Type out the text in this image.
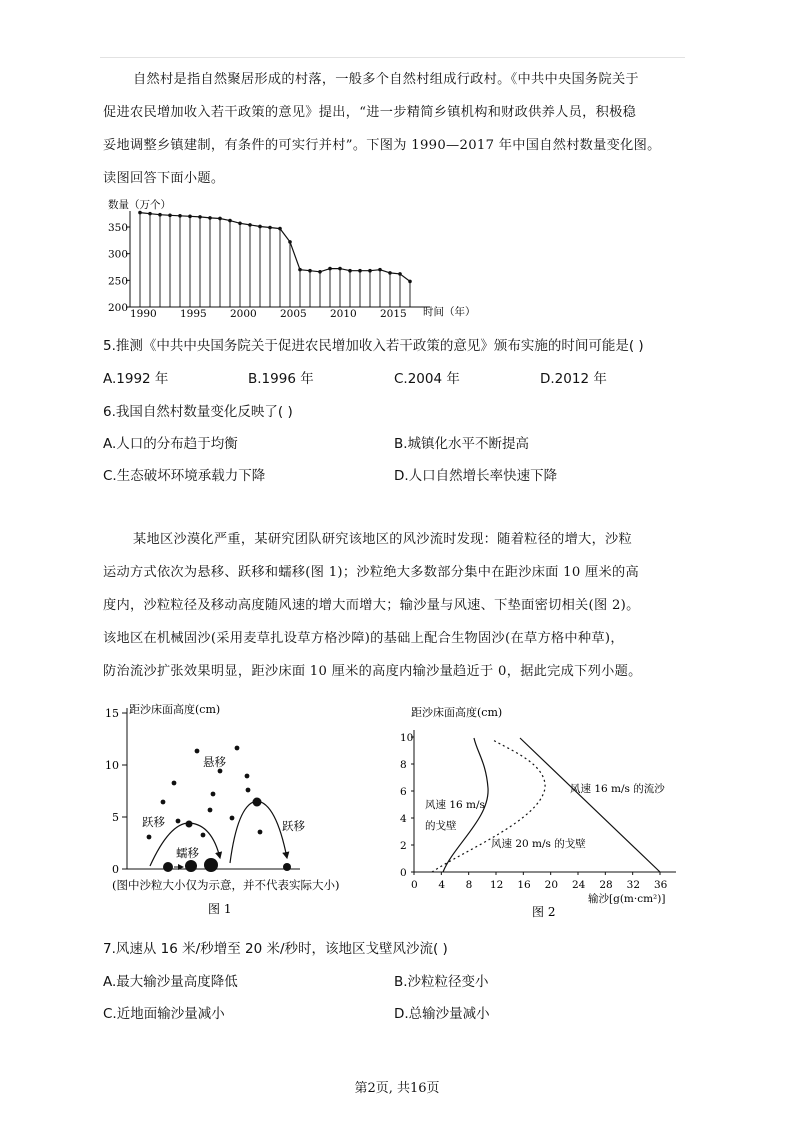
自然村是指自然聚居形成的村落，一般多个自然村组成行政村。《中共中央国务院关于

促进农民增加收入若干政策的意见》提出，“进一步精简乡镇机构和财政供养人员，积极稳

妥地调整乡镇建制，有条件的可实行并村”。下图为 1990—2017 年中国自然村数量变化图。

读图回答下面小题。

数量（万个）
200
250
300
350
1990 1995 2000 2005 2010 2015 时间（年）
5.推测《中共中央国务院关于促进农民增加收入若干政策的意见》颁布实施的时间可能是( )
A.1992 年	B.1996 年	C.2004 年	D.2012 年
6.我国自然村数量变化反映了( )
A.人口的分布趋于均衡	B.城镇化水平不断提高
C.生态破坏环境承载力下降	D.人口自然增长率快速下降

某地区沙漠化严重，某研究团队研究该地区的风沙流时发现：随着粒径的增大，沙粒

运动方式依次为悬移、跃移和蠕移(图 1)；沙粒绝大多数部分集中在距沙床面 10 厘米的高

度内，沙粒粒径及移动高度随风速的增大而增大；输沙量与风速、下垫面密切相关(图 2)。

该地区在机械固沙(采用麦草扎设草方格沙障)的基础上配合生物固沙(在草方格中种草)，

防治流沙扩张效果明显，距沙床面 10 厘米的高度内输沙量趋近于 0，据此完成下列小题。

距沙床面高度(cm)
0
5
10
15
悬移
跃移	跃移
蠕移
(图中沙粒大小仅为示意，并不代表实际大小)
图 1
距沙床面高度(cm)
0
2
4
6
8
10
0 4 8 12 16 20 24 28 32 36
风速 16 m/s
的戈壁
风速 20 m/s 的戈壁
风速 16 m/s 的流沙
输沙[g(m·cm²)]
图 2
7.风速从 16 米/秒增至 20 米/秒时，该地区戈壁风沙流( )
A.最大输沙量高度降低	B.沙粒粒径变小
C.近地面输沙量减小	D.总输沙量减小
第2页, 共16页
